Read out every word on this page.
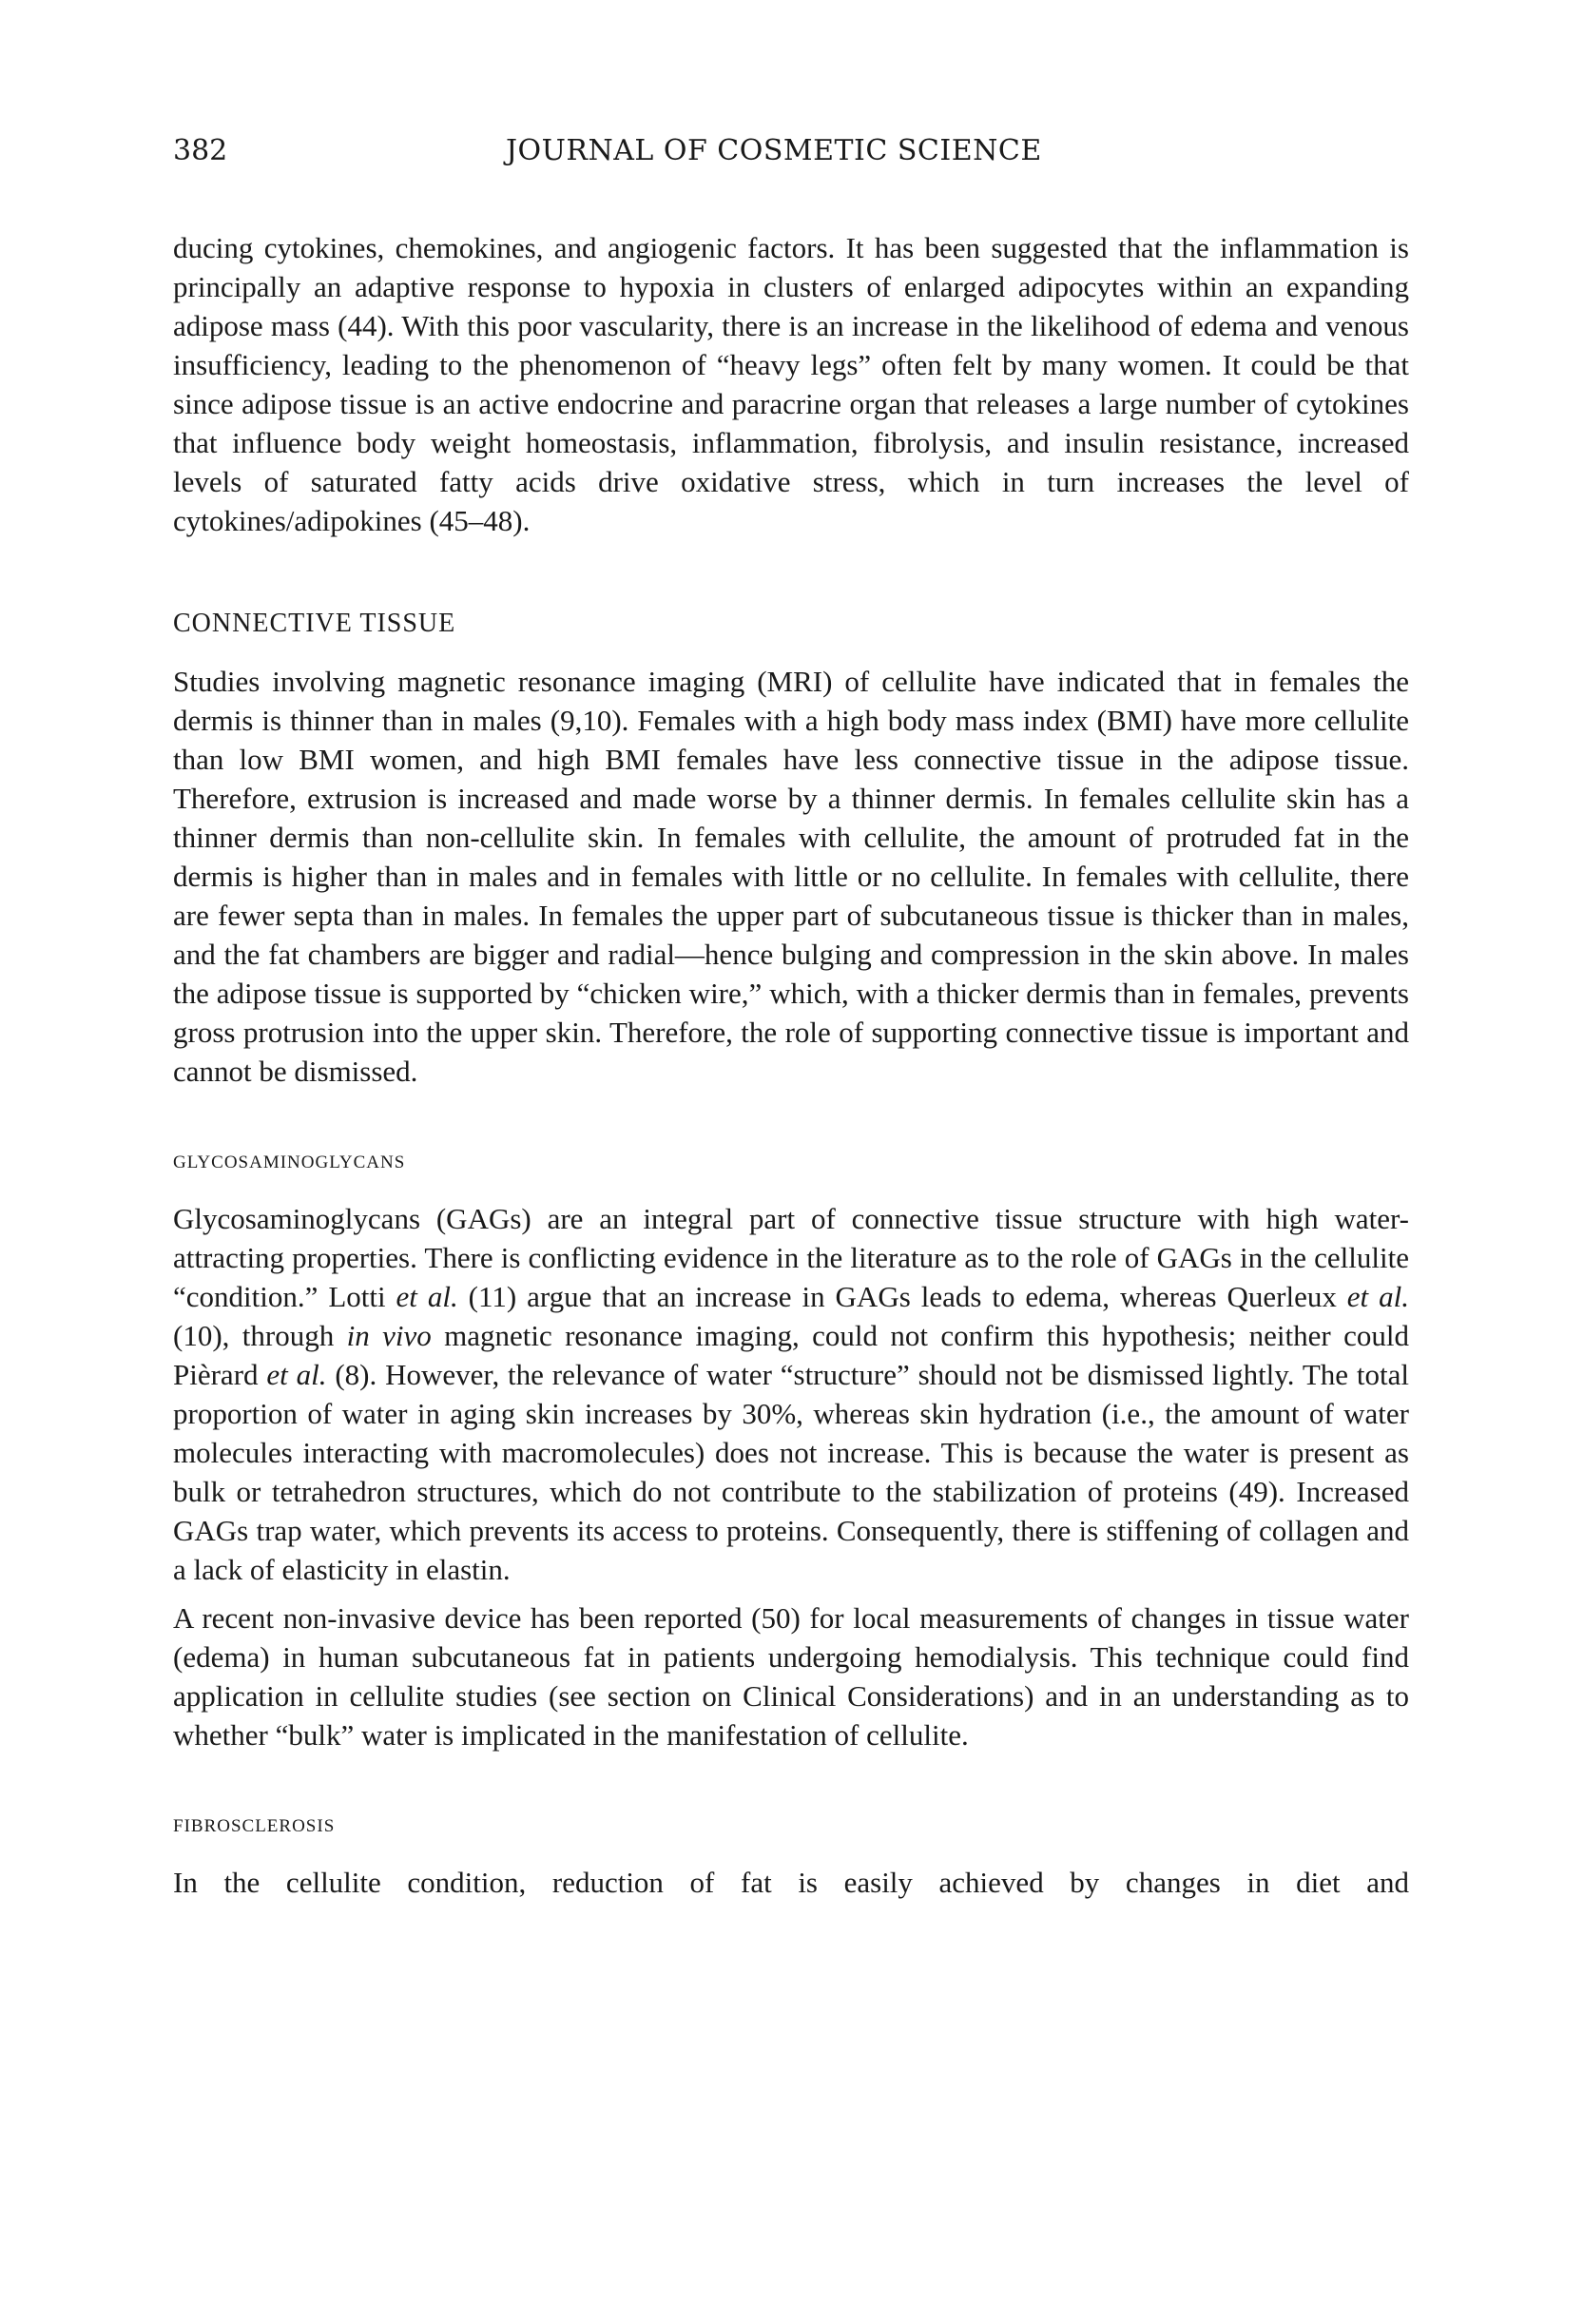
382	JOURNAL OF COSMETIC SCIENCE

ducing cytokines, chemokines, and angiogenic factors. It has been suggested that the inflammation is principally an adaptive response to hypoxia in clusters of enlarged adipocytes within an expanding adipose mass (44). With this poor vascularity, there is an increase in the likelihood of edema and venous insufficiency, leading to the phenomenon of “heavy legs” often felt by many women. It could be that since adipose tissue is an active endocrine and paracrine organ that releases a large number of cytokines that influence body weight homeostasis, inflammation, fibrolysis, and insulin resistance, increased levels of saturated fatty acids drive oxidative stress, which in turn increases the level of cytokines/adipokines (45–48).

CONNECTIVE TISSUE

Studies involving magnetic resonance imaging (MRI) of cellulite have indicated that in females the dermis is thinner than in males (9,10). Females with a high body mass index (BMI) have more cellulite than low BMI women, and high BMI females have less connective tissue in the adipose tissue. Therefore, extrusion is increased and made worse by a thinner dermis. In females cellulite skin has a thinner dermis than non-cellulite skin. In females with cellulite, the amount of protruded fat in the dermis is higher than in males and in females with little or no cellulite. In females with cellulite, there are fewer septa than in males. In females the upper part of subcutaneous tissue is thicker than in males, and the fat chambers are bigger and radial—hence bulging and compression in the skin above. In males the adipose tissue is supported by “chicken wire,” which, with a thicker dermis than in females, prevents gross protrusion into the upper skin. Therefore, the role of supporting connective tissue is important and cannot be dismissed.

GLYCOSAMINOGLYCANS

Glycosaminoglycans (GAGs) are an integral part of connective tissue structure with high water-attracting properties. There is conflicting evidence in the literature as to the role of GAGs in the cellulite “condition.” Lotti et al. (11) argue that an increase in GAGs leads to edema, whereas Querleux et al. (10), through in vivo magnetic resonance imaging, could not confirm this hypothesis; neither could Pièrard et al. (8). However, the relevance of water “structure” should not be dismissed lightly. The total proportion of water in aging skin increases by 30%, whereas skin hydration (i.e., the amount of water molecules interacting with macromolecules) does not increase. This is because the water is present as bulk or tetrahedron structures, which do not contribute to the stabilization of proteins (49). Increased GAGs trap water, which prevents its access to proteins. Consequently, there is stiffening of collagen and a lack of elasticity in elastin.

A recent non-invasive device has been reported (50) for local measurements of changes in tissue water (edema) in human subcutaneous fat in patients undergoing hemodialysis. This technique could find application in cellulite studies (see section on Clinical Considerations) and in an understanding as to whether “bulk” water is implicated in the manifestation of cellulite.

FIBROSCLEROSIS

In the cellulite condition, reduction of fat is easily achieved by changes in diet and
